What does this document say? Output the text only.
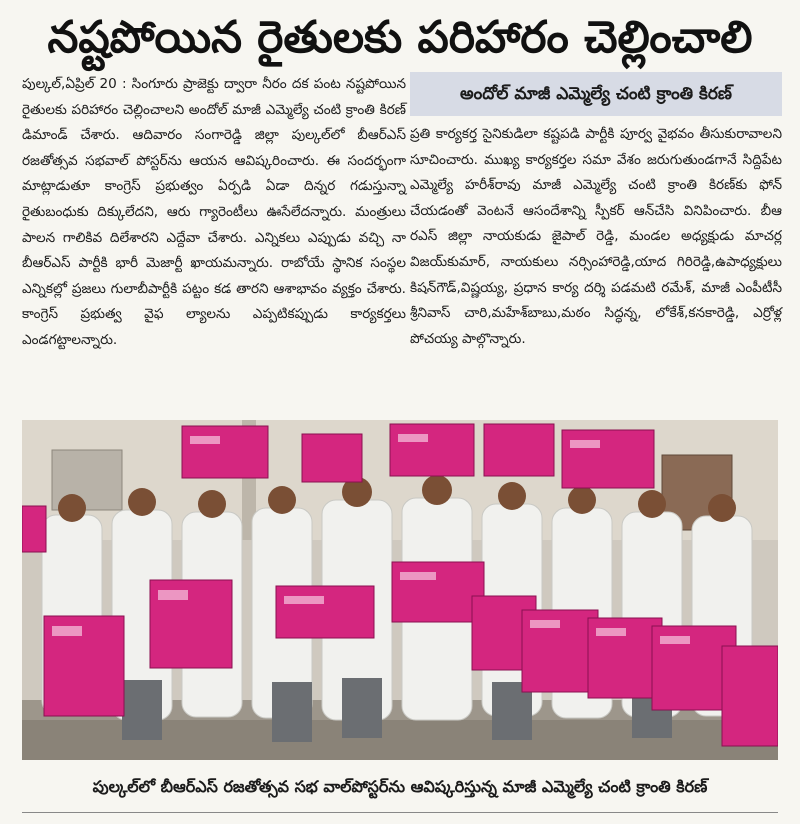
నష్టపోయిన రైతులకు పరిహారం చెల్లించాలి

పుల్కల్,ఏప్రిల్ 20 : సింగూరు ప్రాజెక్టు ద్వారా నీరం దక పంట నష్టపోయిన రైతులకు పరిహారం చెల్లించాలని అందోల్ మాజీ ఎమ్మెల్యే చంటి క్రాంతి కిరణ్ డిమాండ్ చేశారు. ఆదివారం సంగారెడ్డి జిల్లా పుల్కల్‌లో బీఆర్ఎస్ రజతోత్సవ సభవాల్ పోస్టర్‌ను ఆయన ఆవిష్కరించారు. ఈ సందర్భంగా మాట్లాడుతూ కాంగ్రెస్ ప్రభుత్వం ఏర్పడి ఏడా దిన్నర గడుస్తున్నా రైతుబంధుకు దిక్కులేదని, ఆరు గ్యారెంటీలు ఊసేలేదన్నారు. మంత్రులు పాలన గాలికివ దిలేశారని ఎద్దేవా చేశారు. ఎన్నికలు ఎప్పుడు వచ్చి నా బీఆర్ఎస్ పార్టీకి భారీ మెజార్టీ ఖాయమన్నారు. రాబోయే స్థానిక సంస్థల ఎన్నికల్లో ప్రజలు గులాబీపార్టీకి పట్టం కడ తారని ఆశాభావం వ్యక్తం చేశారు. కాంగ్రెస్ ప్రభుత్వ వైఫ ల్యాలను ఎప్పటికప్పుడు కార్యకర్తలు ఎండగట్టాలన్నారు.

అందోల్ మాజీ ఎమ్మెల్యే చంటి క్రాంతి కిరణ్

ప్రతి కార్యకర్త సైనికుడిలా కష్టపడి పార్టీకి పూర్వ వైభవం తీసుకురావాలని సూచించారు. ముఖ్య కార్యకర్తల సమా వేశం జరుగుతుండగానే సిద్దిపేట ఎమ్మెల్యే హరీశ్‌రావు మాజీ ఎమ్మెల్యే చంటి క్రాంతి కిరణ్‌కు ఫోన్ చేయడంతో వెంటనే ఆసందేశాన్ని స్పీకర్ ఆన్‌చేసి వినిపించారు. బీఆ రఎస్ జిల్లా నాయకుడు జైపాల్ రెడ్డి, మండల అధ్యక్షుడు మాచర్ల విజయ్‌కుమార్, నాయకులు నర్సింహారెడ్డి,యాద గిరిరెడ్డి,ఉపాధ్యక్షులు కిషన్‌గౌడ్,విష్ణయ్య, ప్రధాన కార్య దర్శి పడమటి రమేశ్, మాజీ ఎంపీటీసీ శ్రీనివాస్ చారి,మహేశ్‌బాబు,మఠం సిద్ధన్న, లోకేశ్,కనకారెడ్డి, ఎర్రోళ్ల పోచయ్య పాల్గొన్నారు.

పుల్కల్‌లో బీఆర్ఎస్ రజతోత్సవ సభ వాల్‌పోస్టర్‌ను ఆవిష్కరిస్తున్న మాజీ ఎమ్మెల్యే చంటి క్రాంతి కిరణ్
